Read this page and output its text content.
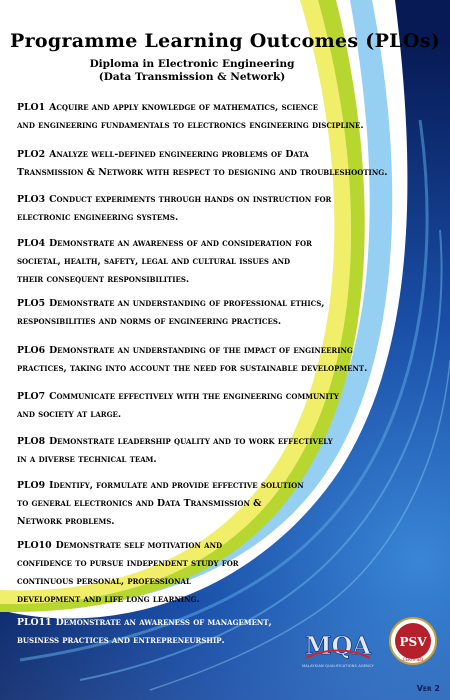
Programme Learning Outcomes (PLOs)
Diploma in Electronic Engineering
(Data Transmission & Network)
PLO1 Acquire and apply knowledge of mathematics, science
and engineering fundamentals to electronics engineering discipline.
PLO2 Analyze well-defined engineering problems of Data
Transmission & Network with respect to designing and troubleshooting.
PLO3 Conduct experiments through hands on instruction for
electronic engineering systems.
PLO4 Demonstrate an awareness of and consideration for
societal, health, safety, legal and cultural issues and
their consequent responsibilities.
PLO5 Demonstrate an understanding of professional ethics,
responsibilities and norms of engineering practices.
PLO6 Demonstrate an understanding of the impact of engineering
practices, taking into account the need for sustainable development.
PLO7 Communicate effectively with the engineering community
and society at large.
PLO8 Demonstrate leadership quality and to work effectively
in a diverse technical team.
PLO9 Identify, formulate and provide effective solution
to general electronics and Data Transmission &
Network problems.
PLO10 Demonstrate self motivation and
confidence to pursue independent study for
continuous personal, professional
development and life long learning.
PLO11 Demonstrate an awareness of management,
business practices and entrepreneurship.	MQA
MALAYSIAN QUALIFICATIONS AGENCY
PSV
CERTIFIED
Ver 2
